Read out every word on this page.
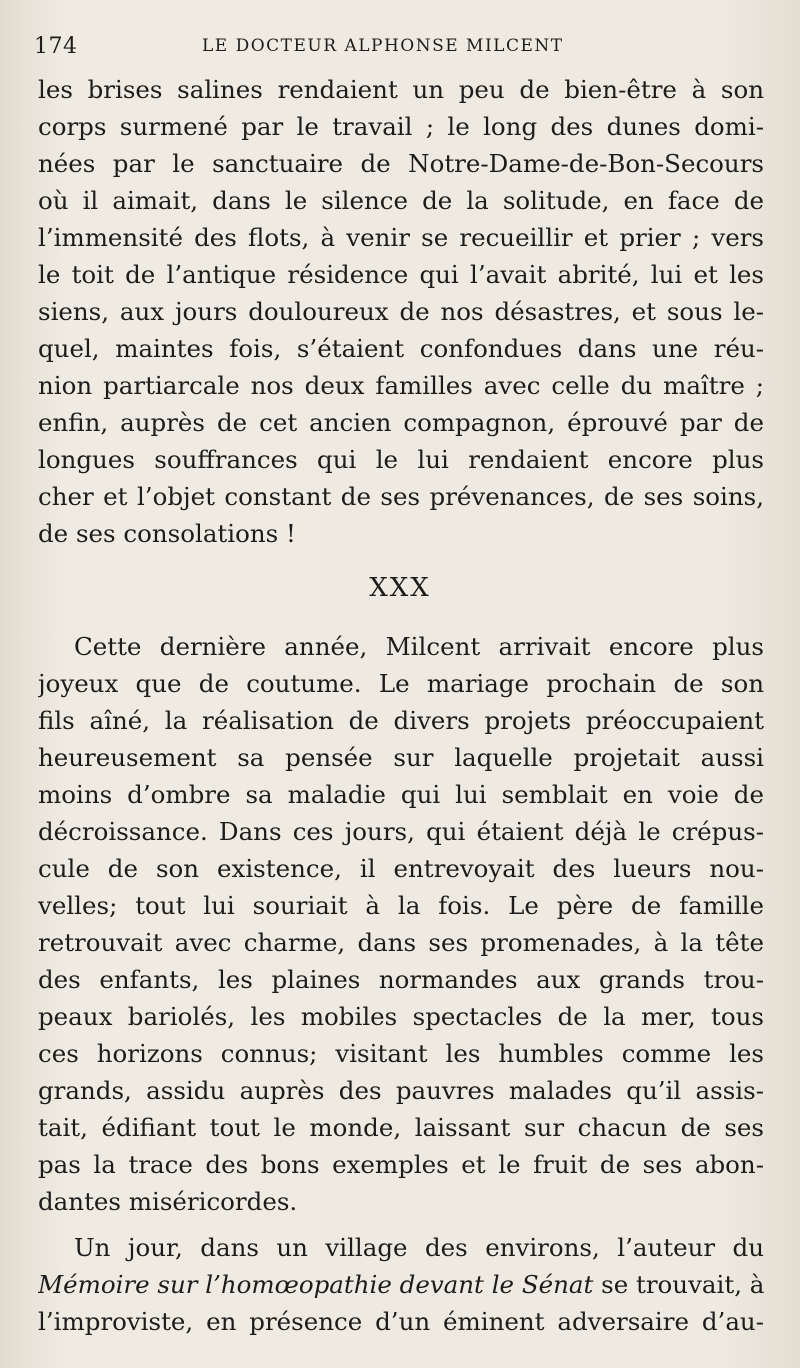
174	LE DOCTEUR ALPHONSE MILCENT
les brises salines rendaient un peu de bien-être à son
corps surmené par le travail ; le long des dunes domi-
nées par le sanctuaire de Notre-Dame-de-Bon-Secours
où il aimait, dans le silence de la solitude, en face de
l’immensité des flots, à venir se recueillir et prier ; vers
le toit de l’antique résidence qui l’avait abrité, lui et les
siens, aux jours douloureux de nos désastres, et sous le-
quel, maintes fois, s’étaient confondues dans une réu-
nion partiarcale nos deux familles avec celle du maître ;
enfin, auprès de cet ancien compagnon, éprouvé par de
longues souffrances qui le lui rendaient encore plus
cher et l’objet constant de ses prévenances, de ses soins,
de ses consolations !
XXX
Cette dernière année, Milcent arrivait encore plus
joyeux que de coutume. Le mariage prochain de son
fils aîné, la réalisation de divers projets préoccupaient
heureusement sa pensée sur laquelle projetait aussi
moins d’ombre sa maladie qui lui semblait en voie de
décroissance. Dans ces jours, qui étaient déjà le crépus-
cule de son existence, il entrevoyait des lueurs nou-
velles; tout lui souriait à la fois. Le père de famille
retrouvait avec charme, dans ses promenades, à la tête
des enfants, les plaines normandes aux grands trou-
peaux bariolés, les mobiles spectacles de la mer, tous
ces horizons connus; visitant les humbles comme les
grands, assidu auprès des pauvres malades qu’il assis-
tait, édifiant tout le monde, laissant sur chacun de ses
pas la trace des bons exemples et le fruit de ses abon-
dantes miséricordes.
Un jour, dans un village des environs, l’auteur du
Mémoire sur l’homœopathie devant le Sénat se trouvait, à
l’improviste, en présence d’un éminent adversaire d’au-
